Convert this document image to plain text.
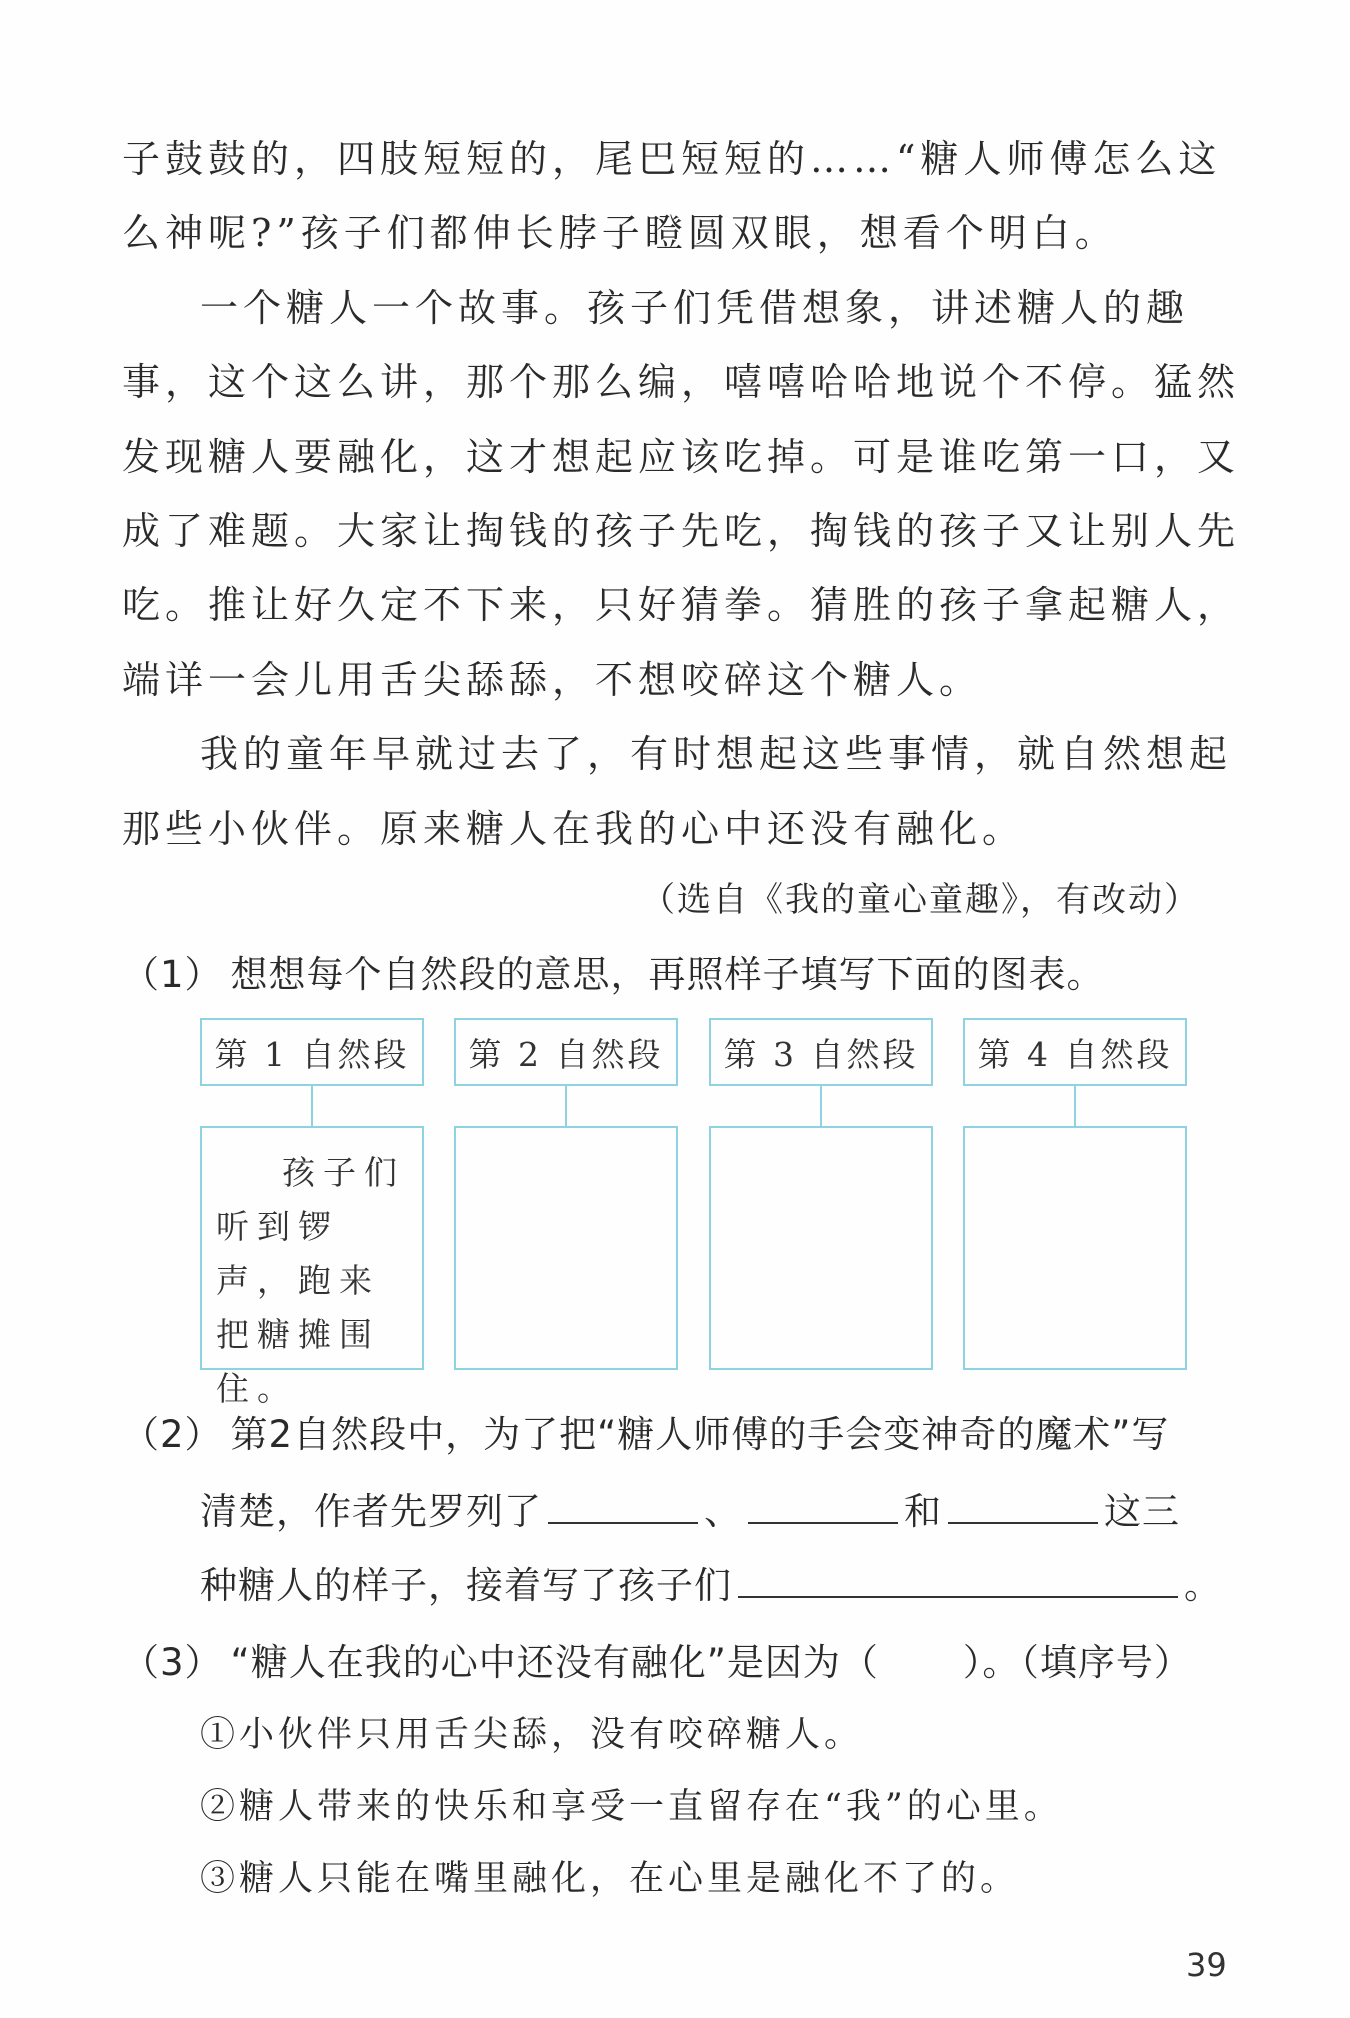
子鼓鼓的，四肢短短的，尾巴短短的……“糖人师傅怎么这

么神呢?”孩子们都伸长脖子瞪圆双眼，想看个明白。

一个糖人一个故事。孩子们凭借想象，讲述糖人的趣

事，这个这么讲，那个那么编，嘻嘻哈哈地说个不停。猛然

发现糖人要融化，这才想起应该吃掉。可是谁吃第一口，又

成了难题。大家让掏钱的孩子先吃，掏钱的孩子又让别人先

吃。推让好久定不下来，只好猜拳。猜胜的孩子拿起糖人，

端详一会儿用舌尖舔舔，不想咬碎这个糖人。

我的童年早就过去了，有时想起这些事情，就自然想起

那些小伙伴。原来糖人在我的心中还没有融化。

（选自《我的童心童趣》，有改动）

（1） 想想每个自然段的意思，再照样子填写下面的图表。

第 1 自然段	第 2 自然段	第 3 自然段	第 4 自然段
孩子们听到锣声，跑来把糖摊围住。

（2） 第2自然段中，为了把“糖人师傅的手会变神奇的魔术”写

清楚，作者先罗列了	、	和	这三

种糖人的样子，接着写了孩子们	。

（3） “糖人在我的心中还没有融化”是因为（ ）。（填序号）

①小伙伴只用舌尖舔，没有咬碎糖人。

②糖人带来的快乐和享受一直留存在“我”的心里。

③糖人只能在嘴里融化，在心里是融化不了的。

39
